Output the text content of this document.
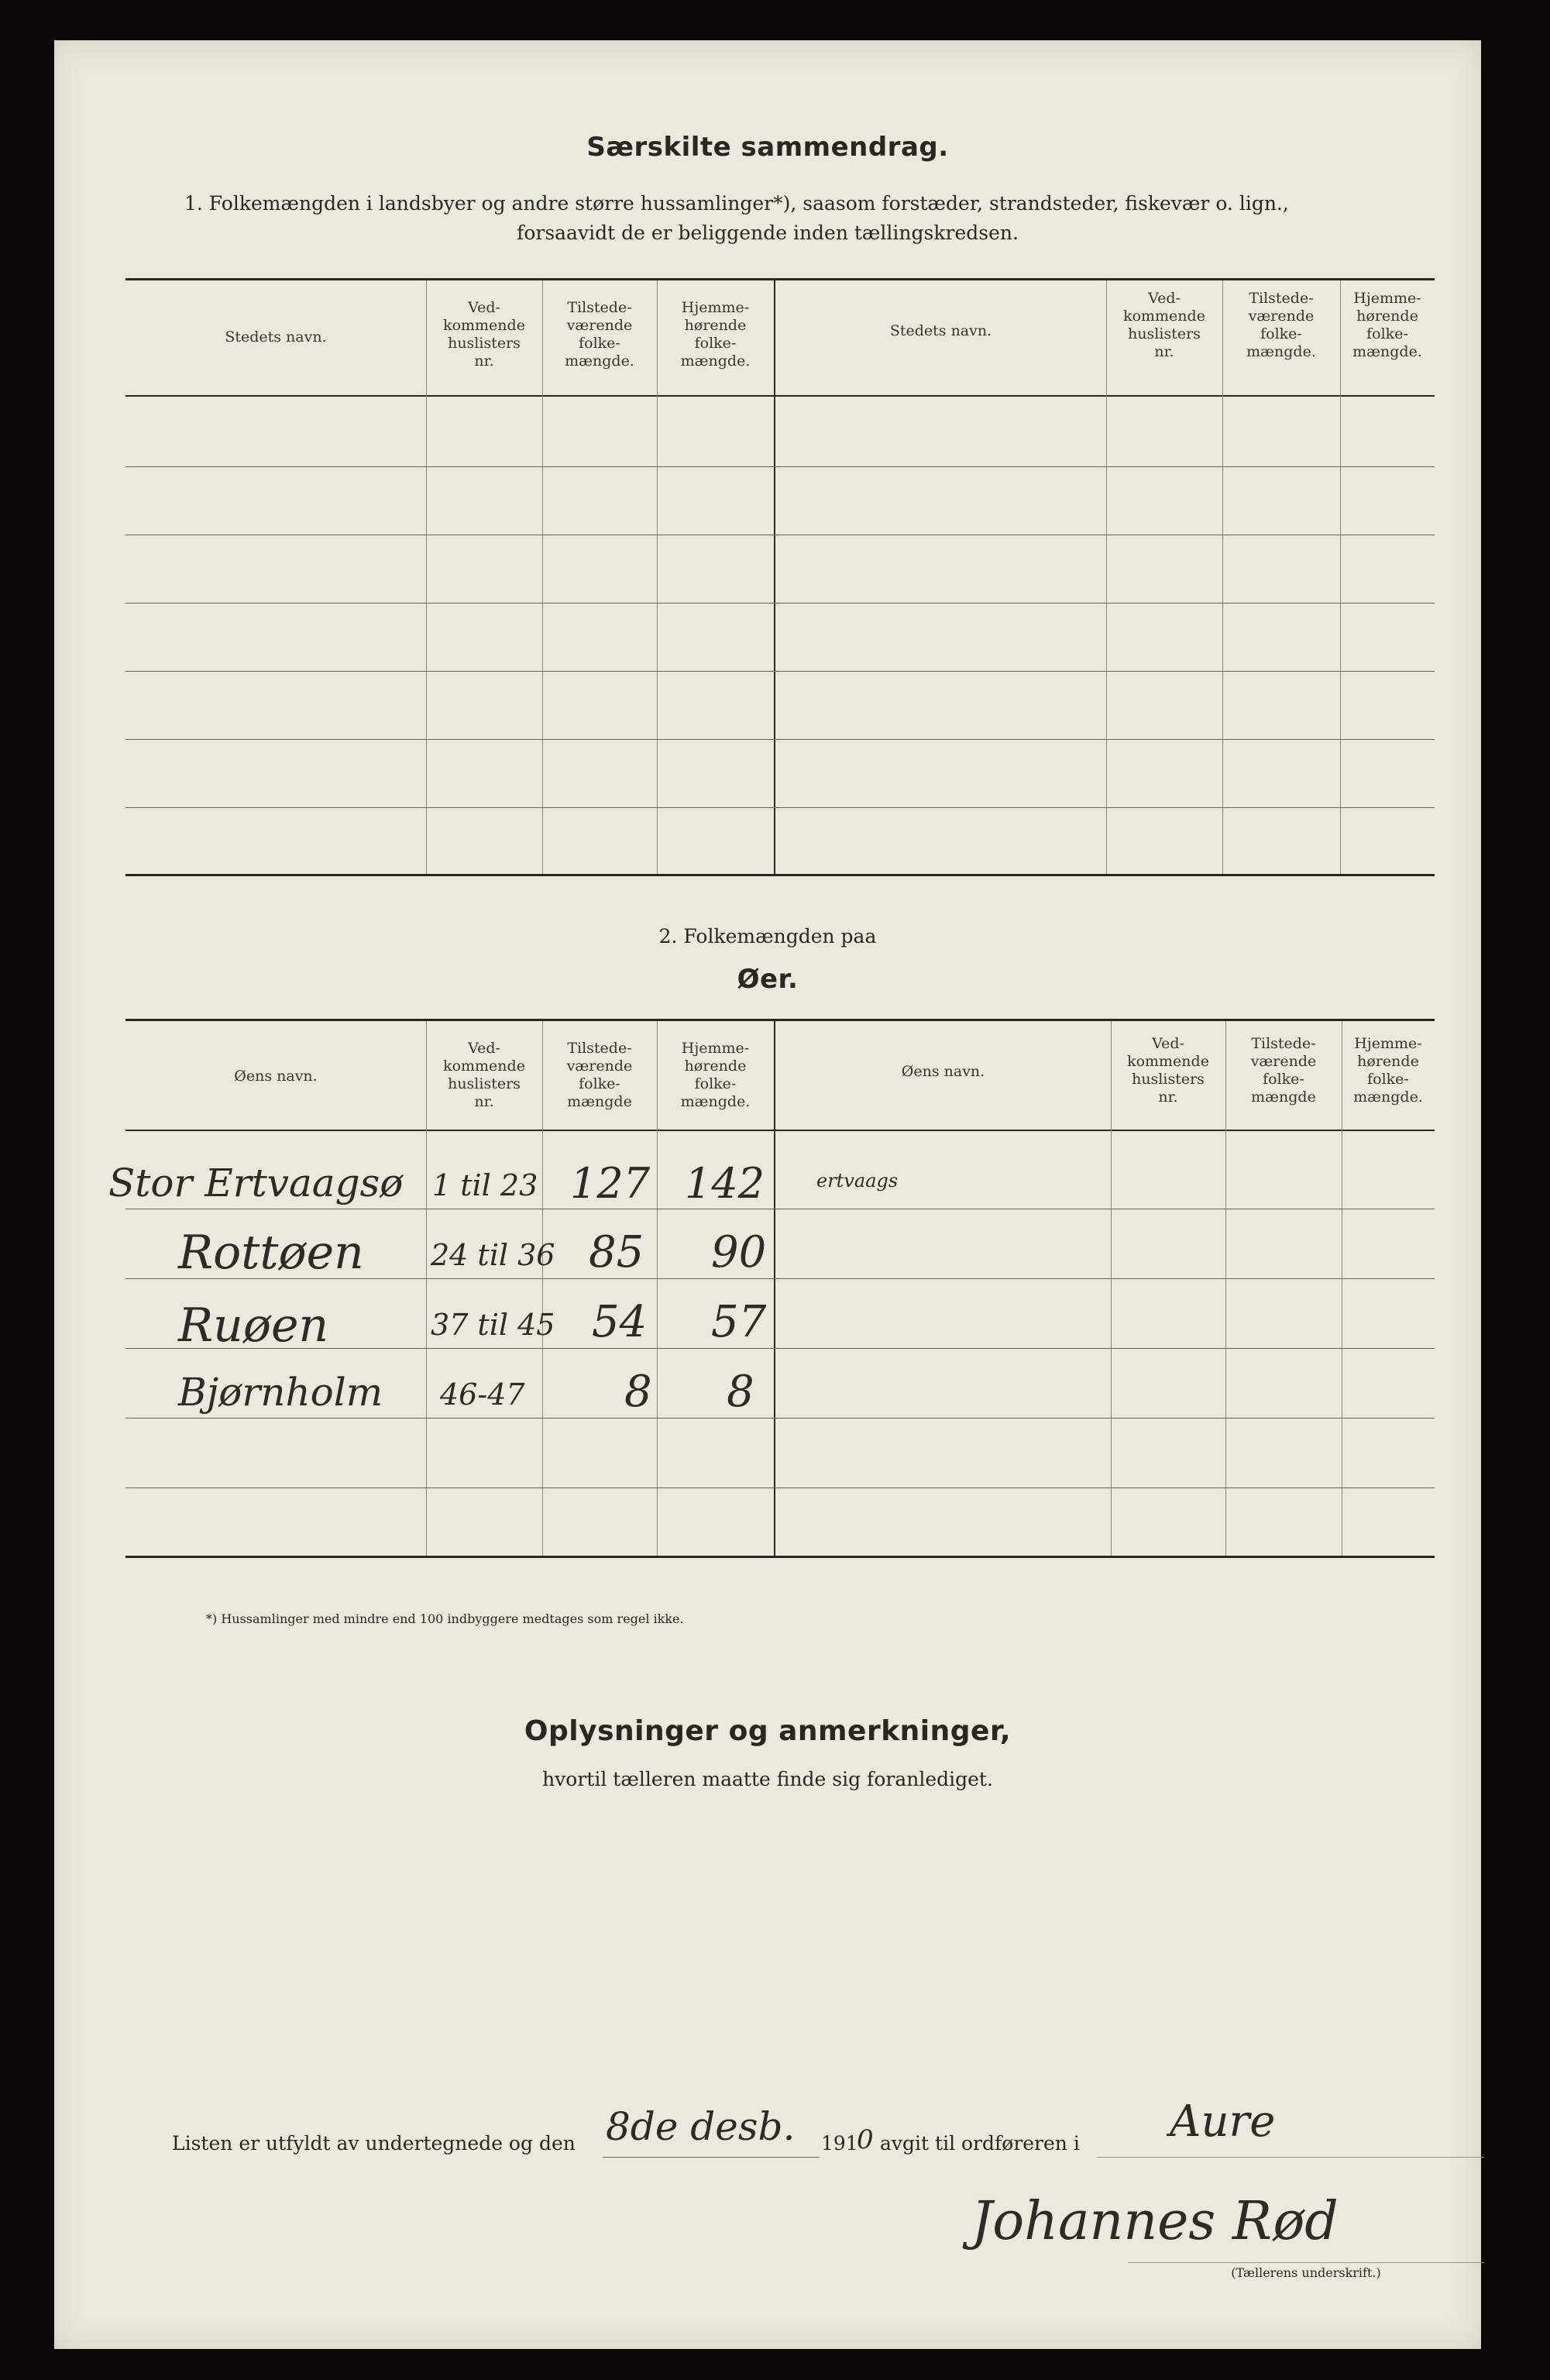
Særskilte sammendrag.
1. Folkemængden i landsbyer og andre større hussamlinger*), saasom forstæder, strandsteder, fiskevær o. lign.,
forsaavidt de er beliggende inden tællingskredsen.
Stedets navn.
Ved-
kommende
huslisters
nr.
Tilstede-
værende
folke-
mængde.
Hjemme-
hørende
folke-
mængde.
Stedets navn.
Ved-
kommende
huslisters
nr.
Tilstede-
værende
folke-
mængde.
Hjemme-
hørende
folke-
mængde.
2. Folkemængden paa
Øer.
Øens navn.
Ved-
kommende
huslisters
nr.
Tilstede-
værende
folke-
mængde
Hjemme-
hørende
folke-
mængde.
Øens navn.
Ved-
kommende
huslisters
nr.
Tilstede-
værende
folke-
mængde
Hjemme-
hørende
folke-
mængde.
Stor Ertvaagsø 1 til 23 127 142
Rottøen 24 til 36 85 90
Ruøen	37 til 45 54 57
Bjørnholm 46-47 8 8
ertvaags
*) Hussamlinger med mindre end 100 indbyggere medtages som regel ikke.
Oplysninger og anmerkninger,
hvortil tælleren maatte finde sig foranlediget.
Listen er utfyldt av undertegnede og den 8de desb. 191
0 avgit til ordføreren i Aure
Johannes Rød
(Tællerens underskrift.)
